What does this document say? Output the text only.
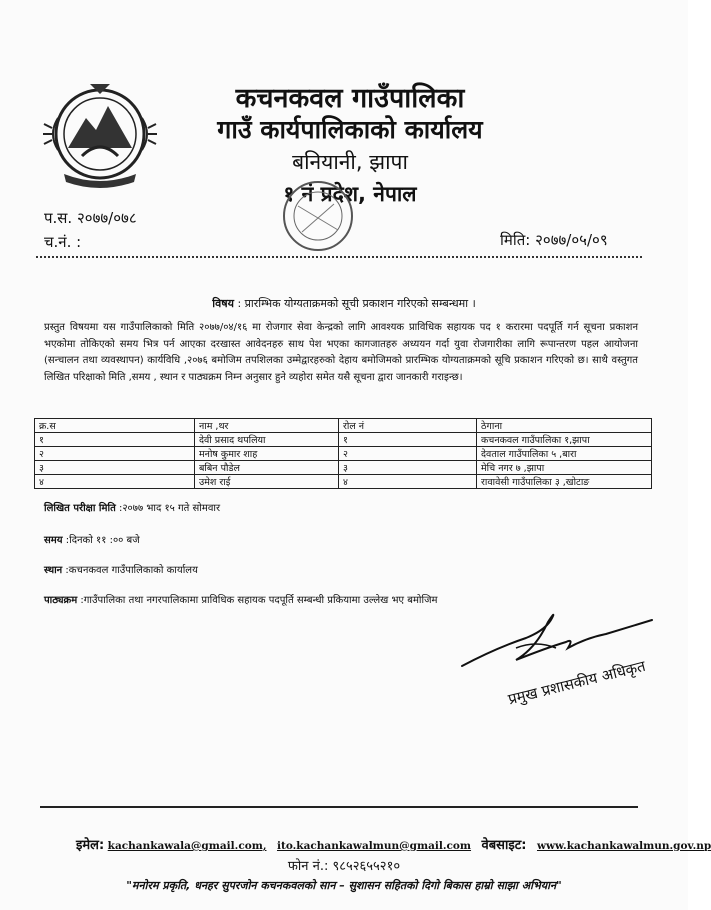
कचनकवल गाउँपालिका
गाउँ कार्यपालिकाको कार्यालय
बनियानी, झापा
१ नं प्रदेश, नेपाल
प.स. २०७७/०७८
च.नं. :	मिति: २०७७/०५/०९
विषय : प्रारम्भिक योग्यताक्रमको सूची प्रकाशन गरिएको सम्बन्धमा ।
प्रस्तुत विषयमा यस गाउँपालिकाको मिति २०७७/०४/१६ मा रोजगार सेवा केन्द्रको लागि आवश्यक प्राविधिक सहायक पद १ करारमा पदपूर्ति गर्न सूचना प्रकाशन भएकोमा तोकिएको समय भित्र पर्न आएका दरखास्त आवेदनहरु साथ पेश भएका कागजातहरु अध्ययन गर्दा युवा रोजगारीका लागि रूपान्तरण पहल आयोजना (सन्चालन तथा व्यवस्थापन) कार्यविधि ,२०७६ बमोजिम तपशिलका उम्मेद्वारहरुको देहाय बमोजिमको प्रारम्भिक योग्यताक्रमको सूचि प्रकाशन गरिएको छ। साथै वस्तुगत लिखित परिक्षाको मिति ,समय , स्थान र पाठ्यक्रम निम्न अनुसार हुने व्यहोरा समेत यसै सूचना द्वारा जानकारी गराइन्छ।
क्र.स	नाम ,थर	रोल नं	ठेगाना
१	देवी प्रसाद थपलिया	१	कचनकवल गाउँपालिका १,झापा
२	मनोष कुमार शाह	२	देवताल गाउँपालिका ५ ,बारा
३	बबिन पौडेल	३	मेचि नगर ७ ,झापा
४	उमेश राई	४	रावावेसी गाउँपालिका ३ ,खोटाङ
लिखित परीक्षा मिति :२०७७ भाद १५ गते सोमवार
समय :दिनको ११ :०० बजे
स्थान :कचनकवल गाउँपालिकाको कार्यालय
पाठ्यक्रम :गाउँपालिका तथा नगरपालिकामा प्राविधिक सहायक पदपूर्ति सम्बन्धी प्रकियामा उल्लेख भए बमोजिम
प्रमुख प्रशासकीय अधिकृत
इमेल: kachankawala@gmail.com, ito.kachankawalmun@gmail.com वेबसाइट: www.kachankawalmun.gov.np
फोन नं.: ९८५२६५५२१०
"मनोरम प्रकृति, धनहर सुपरजोन कचनकवलको सान – सुशासन सहितको दिगो बिकास हाम्रो साझा अभियान"
